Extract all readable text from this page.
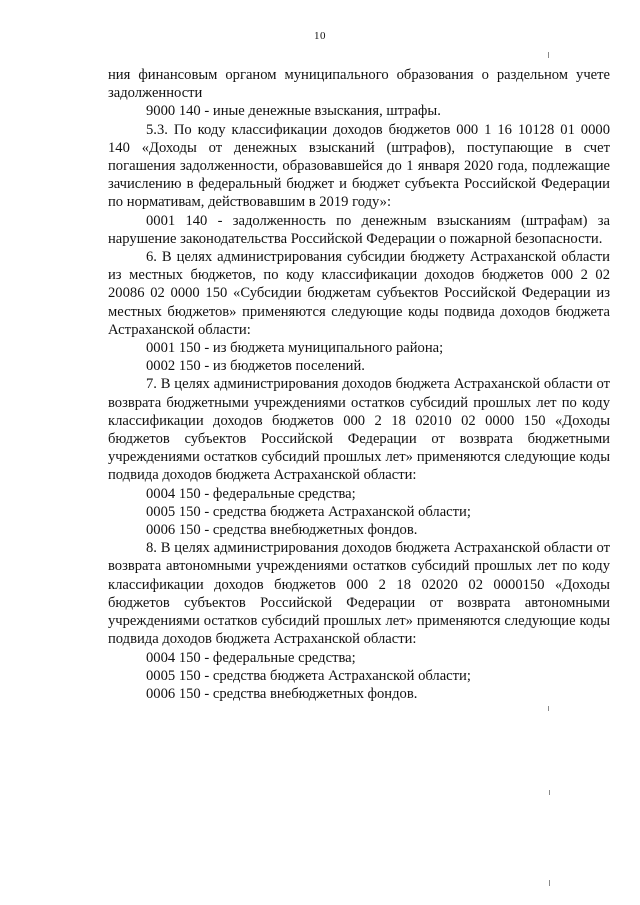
10

ния финансовым органом муниципального образования о раздельном учете задолженности

9000 140 - иные денежные взыскания, штрафы.

5.3. По коду классификации доходов бюджетов 000 1 16 10128 01 0000 140 «Доходы от денежных взысканий (штрафов), поступающие в счет погашения задолженности, образовавшейся до 1 января 2020 года, подлежащие зачислению в федеральный бюджет и бюджет субъекта Российской Федерации по нормативам, действовавшим в 2019 году»:

0001 140 - задолженность по денежным взысканиям (штрафам) за нарушение законодательства Российской Федерации о пожарной безопасности.

6. В целях администрирования субсидии бюджету Астраханской области из местных бюджетов, по коду классификации доходов бюджетов 000 2 02 20086 02 0000 150 «Субсидии бюджетам субъектов Российской Федерации из местных бюджетов» применяются следующие коды подвида доходов бюджета Астраханской области:

0001 150 - из бюджета муниципального района;

0002 150 - из бюджетов поселений.

7. В целях администрирования доходов бюджета Астраханской области от возврата бюджетными учреждениями остатков субсидий прошлых лет по коду классификации доходов бюджетов 000 2 18 02010 02 0000 150 «Доходы бюджетов субъектов Российской Федерации от возврата бюджетными учреждениями остатков субсидий прошлых лет» применяются следующие коды подвида доходов бюджета Астраханской области:

0004 150 - федеральные средства;

0005 150 - средства бюджета Астраханской области;

0006 150 - средства внебюджетных фондов.

8. В целях администрирования доходов бюджета Астраханской области от возврата автономными учреждениями остатков субсидий прошлых лет по коду классификации доходов бюджетов 000 2 18 02020 02 0000150 «Доходы бюджетов субъектов Российской Федерации от возврата автономными учреждениями остатков субсидий прошлых лет» применяются следующие коды подвида доходов бюджета Астраханской области:

0004 150 - федеральные средства;

0005 150 - средства бюджета Астраханской области;

0006 150 - средства внебюджетных фондов.
